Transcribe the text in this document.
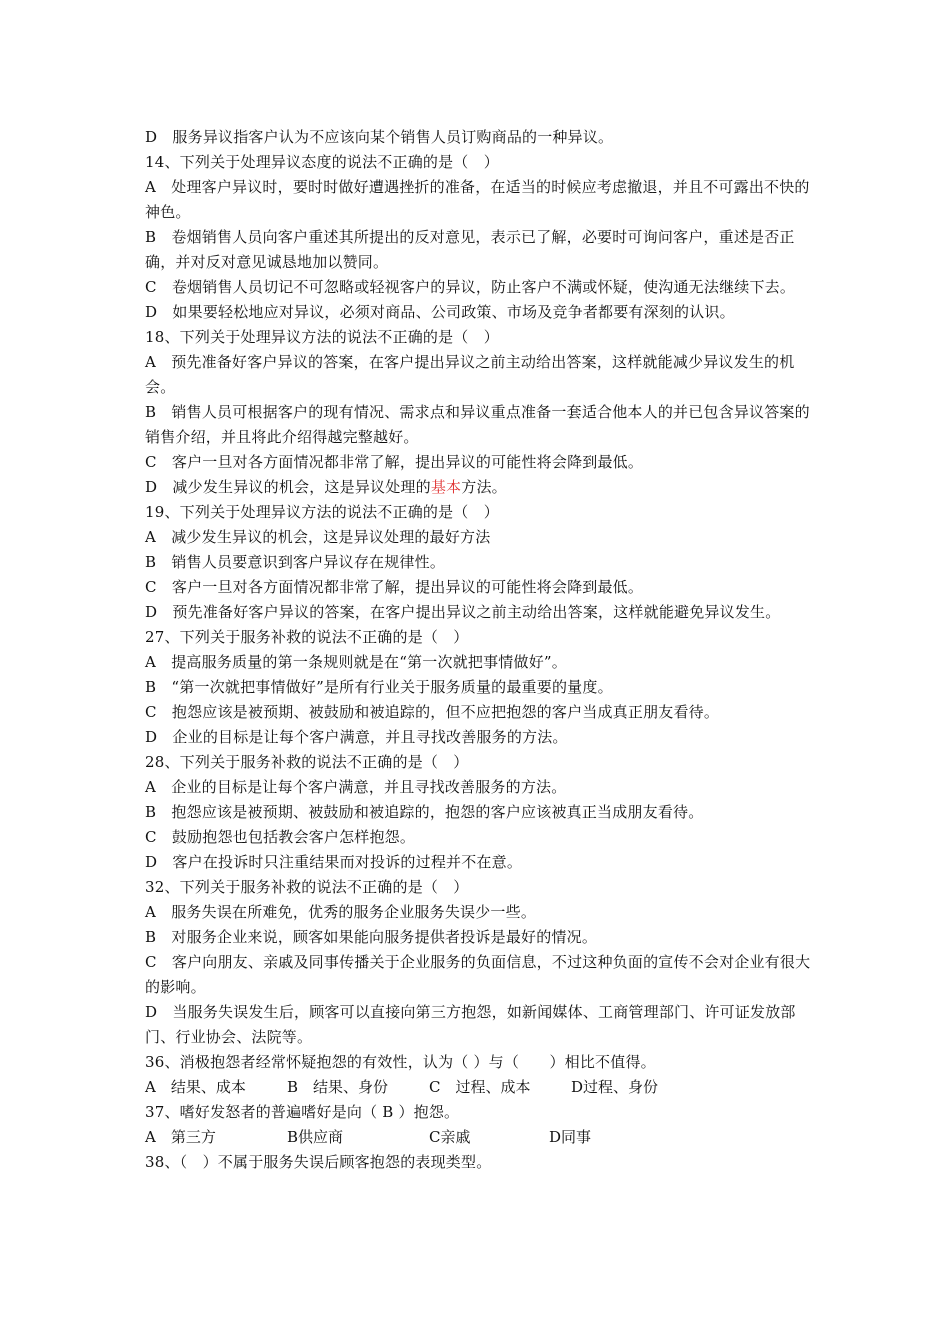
D　服务异议指客户认为不应该向某个销售人员订购商品的一种异议。

14、下列关于处理异议态度的说法不正确的是（　）

A　处理客户异议时，要时时做好遭遇挫折的准备，在适当的时候应考虑撤退，并且不可露出不快的神色。

B　卷烟销售人员向客户重述其所提出的反对意见，表示已了解，必要时可询问客户，重述是否正确，并对反对意见诚恳地加以赞同。

C　卷烟销售人员切记不可忽略或轻视客户的异议，防止客户不满或怀疑，使沟通无法继续下去。

D　如果要轻松地应对异议，必须对商品、公司政策、市场及竞争者都要有深刻的认识。

18、下列关于处理异议方法的说法不正确的是（　）

A　预先准备好客户异议的答案，在客户提出异议之前主动给出答案，这样就能减少异议发生的机会。

B　销售人员可根据客户的现有情况、需求点和异议重点准备一套适合他本人的并已包含异议答案的销售介绍，并且将此介绍得越完整越好。

C　客户一旦对各方面情况都非常了解，提出异议的可能性将会降到最低。

D　减少发生异议的机会，这是异议处理的基本方法。

19、下列关于处理异议方法的说法不正确的是（　）

A　减少发生异议的机会，这是异议处理的最好方法

B　销售人员要意识到客户异议存在规律性。

C　客户一旦对各方面情况都非常了解，提出异议的可能性将会降到最低。

D　预先准备好客户异议的答案，在客户提出异议之前主动给出答案，这样就能避免异议发生。

27、下列关于服务补救的说法不正确的是（　）

A　提高服务质量的第一条规则就是在“第一次就把事情做好”。

B　“第一次就把事情做好”是所有行业关于服务质量的最重要的量度。

C　抱怨应该是被预期、被鼓励和被追踪的，但不应把抱怨的客户当成真正朋友看待。

D　企业的目标是让每个客户满意，并且寻找改善服务的方法。

28、下列关于服务补救的说法不正确的是（　）

A　企业的目标是让每个客户满意，并且寻找改善服务的方法。

B　抱怨应该是被预期、被鼓励和被追踪的，抱怨的客户应该被真正当成朋友看待。

C　鼓励抱怨也包括教会客户怎样抱怨。

D　客户在投诉时只注重结果而对投诉的过程并不在意。

32、下列关于服务补救的说法不正确的是（　）

A　服务失误在所难免，优秀的服务企业服务失误少一些。

B　对服务企业来说，顾客如果能向服务提供者投诉是最好的情况。

C　客户向朋友、亲戚及同事传播关于企业服务的负面信息，不过这种负面的宣传不会对企业有很大的影响。

D　当服务失误发生后，顾客可以直接向第三方抱怨，如新闻媒体、工商管理部门、许可证发放部门、行业协会、法院等。

36、消极抱怨者经常怀疑抱怨的有效性，认为（ ）与（　　）相比不值得。

A　结果、成本	B　结果、身份	C　过程、成本	D过程、身份

37、嗜好发怒者的普遍嗜好是向（ B ）抱怨。

A　第三方	B供应商	C亲戚	D同事

38、（　）不属于服务失误后顾客抱怨的表现类型。
